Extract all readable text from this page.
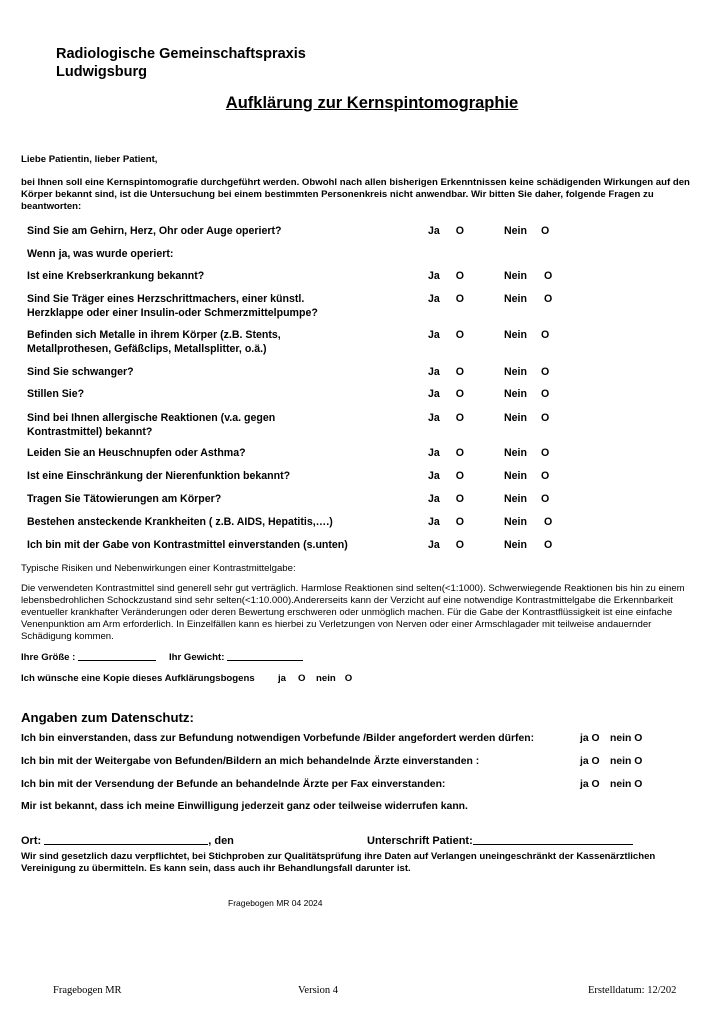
Radiologische Gemeinschaftspraxis
Ludwigsburg
Aufklärung zur Kernspintomographie
Liebe Patientin, lieber Patient,
bei Ihnen soll eine Kernspintomografie durchgeführt werden. Obwohl nach allen bisherigen Erkenntnissen keine schädigenden Wirkungen auf den Körper bekannt sind, ist die Untersuchung bei einem bestimmten Personenkreis nicht anwendbar. Wir bitten Sie daher, folgende Fragen zu beantworten:
Sind Sie am Gehirn, Herz, Ohr oder Auge operiert?	Ja O	Nein O
Wenn ja, was wurde operiert:
Ist eine Krebserkrankung bekannt?	Ja O	Nein O
Sind Sie Träger eines Herzschrittmachers, einer künstl.
Herzklappe oder einer Insulin-oder Schmerzmittelpumpe?
Ja O	Nein O
Befinden sich Metalle in ihrem Körper (z.B. Stents,
Metallprothesen, Gefäßclips, Metallsplitter, o.ä.)
Ja O	Nein O
Sind Sie schwanger?	Ja O	Nein O
Stillen Sie?	Ja O	Nein O
Sind bei Ihnen allergische Reaktionen (v.a. gegen
Kontrastmittel) bekannt?
Ja O	Nein O
Leiden Sie an Heuschnupfen oder Asthma?	Ja O	Nein O
Ist eine Einschränkung der Nierenfunktion bekannt?	Ja O	Nein O
Tragen Sie Tätowierungen am Körper?	Ja O	Nein O
Bestehen ansteckende Krankheiten ( z.B. AIDS, Hepatitis,….)	Ja O	Nein O
Ich bin mit der Gabe von Kontrastmittel einverstanden (s.unten)	Ja O	Nein O
Typische Risiken und Nebenwirkungen einer Kontrastmittelgabe:
Die verwendeten Kontrastmittel sind generell sehr gut verträglich. Harmlose Reaktionen sind selten(<1:1000). Schwerwiegende Reaktionen bis hin zu einem lebensbedrohlichen Schockzustand sind sehr selten(<1:10.000).Andererseits kann der Verzicht auf eine notwendige Kontrastmittelgabe die Erkennbarkeit eventueller krankhafter Veränderungen oder deren Bewertung erschweren oder unmöglich machen. Für die Gabe der Kontrastflüssigkeit ist eine einfache Venenpunktion am Arm erforderlich. In Einzelfällen kann es hierbei zu Verletzungen von Nerven oder einer Armschlagader mit teilweise andauernder Schädigung kommen.
Ihre Größe :	Ihr Gewicht:
Ich wünsche eine Kopie dieses Aufklärungsbogens ja O nein O
Angaben zum Datenschutz:
Ich bin einverstanden, dass zur Befundung notwendigen Vorbefunde /Bilder angefordert werden dürfen:	ja O nein O
Ich bin mit der Weitergabe von Befunden/Bildern an mich behandelnde Ärzte einverstanden :	ja O nein O
Ich bin mit der Versendung der Befunde an behandelnde Ärzte per Fax einverstanden:	ja O nein O
Mir ist bekannt, dass ich meine Einwilligung jederzeit ganz oder teilweise widerrufen kann.
Ort:	, den	Unterschrift Patient:
Wir sind gesetzlich dazu verpflichtet, bei Stichproben zur Qualitätsprüfung ihre Daten auf Verlangen uneingeschränkt der Kassenärztlichen Vereinigung zu übermitteln. Es kann sein, dass auch ihr Behandlungsfall darunter ist.
Fragebogen MR 04 2024
Fragebogen MR	Version 4	Erstelldatum: 12/202
